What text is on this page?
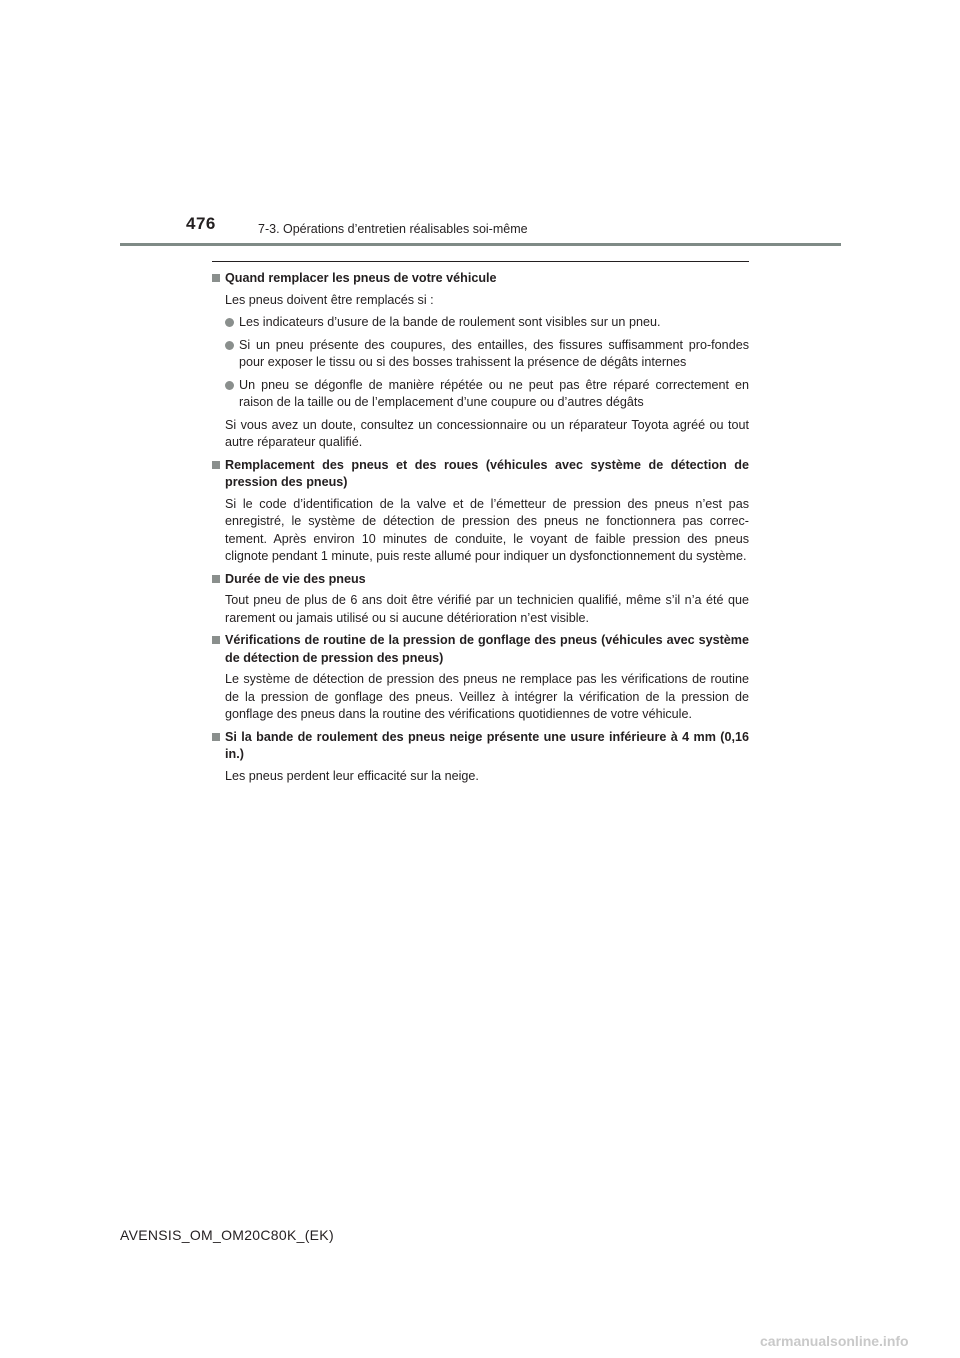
476	7-3. Opérations d’entretien réalisables soi-même
Quand remplacer les pneus de votre véhicule
Les pneus doivent être remplacés si :
Les indicateurs d’usure de la bande de roulement sont visibles sur un pneu.
Si un pneu présente des coupures, des entailles, des fissures suffisamment pro-fondes pour exposer le tissu ou si des bosses trahissent la présence de dégâts internes
Un pneu se dégonfle de manière répétée ou ne peut pas être réparé correctement en raison de la taille ou de l’emplacement d’une coupure ou d’autres dégâts
Si vous avez un doute, consultez un concessionnaire ou un réparateur Toyota agréé ou tout autre réparateur qualifié.
Remplacement des pneus et des roues (véhicules avec système de détection de pression des pneus)
Si le code d’identification de la valve et de l’émetteur de pression des pneus n’est pas enregistré, le système de détection de pression des pneus ne fonctionnera pas correc-tement. Après environ 10 minutes de conduite, le voyant de faible pression des pneus clignote pendant 1 minute, puis reste allumé pour indiquer un dysfonctionnement du système.
Durée de vie des pneus
Tout pneu de plus de 6 ans doit être vérifié par un technicien qualifié, même s’il n’a été que rarement ou jamais utilisé ou si aucune détérioration n’est visible.
Vérifications de routine de la pression de gonflage des pneus (véhicules avec système de détection de pression des pneus)
Le système de détection de pression des pneus ne remplace pas les vérifications de routine de la pression de gonflage des pneus. Veillez à intégrer la vérification de la pression de gonflage des pneus dans la routine des vérifications quotidiennes de votre véhicule.
Si la bande de roulement des pneus neige présente une usure inférieure à 4 mm (0,16 in.)
Les pneus perdent leur efficacité sur la neige.
AVENSIS_OM_OM20C80K_(EK)
carmanualsonline.info
